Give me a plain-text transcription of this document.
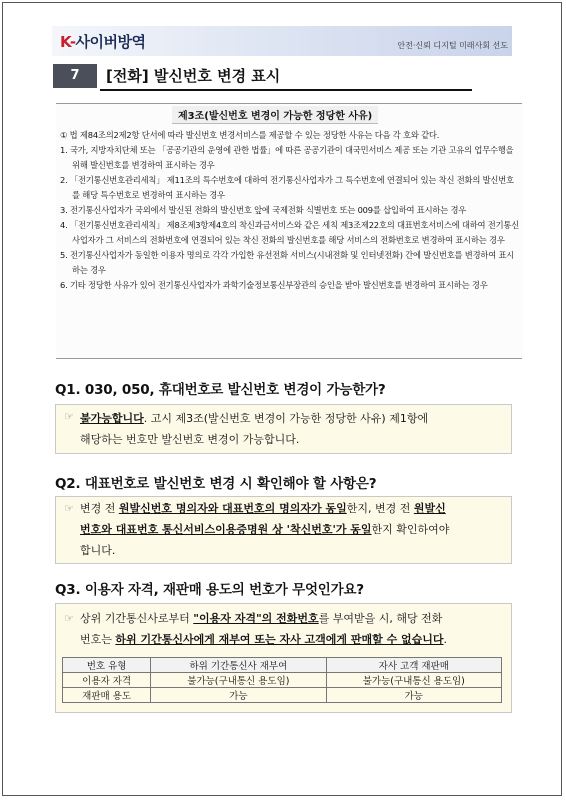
K-사이버방역	안전·신뢰 디지털 미래사회 선도
7	[전화] 발신번호 변경 표시
제3조(발신번호 변경이 가능한 정당한 사유)

① 법 제84조의2제2항 단서에 따라 발신번호 변경서비스를 제공할 수 있는 정당한 사유는 다음 각 호와 같다.

1. 국가, 지방자치단체 또는 「공공기관의 운영에 관한 법률」에 따른 공공기관이 대국민서비스 제공 또는 기관 고유의 업무수행을 위해 발신번호를 변경하여 표시하는 경우

2. 「전기통신번호관리세칙」 제11조의 특수번호에 대하여 전기통신사업자가 그 특수번호에 연결되어 있는 착신 전화의 발신번호를 해당 특수번호로 변경하여 표시하는 경우

3. 전기통신사업자가 국외에서 발신된 전화의 발신번호 앞에 국제전화 식별번호 또는 009를 삽입하여 표시하는 경우

4. 「전기통신번호관리세칙」 제8조제3항제4호의 착신과금서비스와 같은 세칙 제3조제22호의 대표번호서비스에 대하여 전기통신사업자가 그 서비스의 전화번호에 연결되어 있는 착신 전화의 발신번호를 해당 서비스의 전화번호로 변경하여 표시하는 경우

5. 전기통신사업자가 동일한 이용자 명의로 각각 가입한 유선전화 서비스(시내전화 및 인터넷전화) 간에 발신번호를 변경하여 표시하는 경우

6. 기타 정당한 사유가 있어 전기통신사업자가 과학기술정보통신부장관의 승인을 받아 발신번호를 변경하여 표시하는 경우

Q1. 030, 050, 휴대번호로 발신번호 변경이 가능한가?
☞ 불가능합니다. 고시 제3조(발신번호 변경이 가능한 정당한 사유) 제1항에
해당하는 번호만 발신번호 변경이 가능합니다.
Q2. 대표번호로 발신번호 변경 시 확인해야 할 사항은?
☞ 변경 전 원발신번호 명의자와 대표번호의 명의자가 동일한지, 변경 전 원발신
번호와 대표번호 통신서비스이용증명원 상 '착신번호'가 동일한지 확인하여야
합니다.
Q3. 이용자 자격, 재판매 용도의 번호가 무엇인가요?
☞ 상위 기간통신사로부터 "이용자 자격"의 전화번호를 부여받을 시, 해당 전화
번호는 하위 기간통신사에게 재부여 또는 자사 고객에게 판매할 수 없습니다.
번호 유형	하위 기간통신사 재부여	자사 고객 재판매
이용자 자격	불가능(구내통신 용도임)	불가능(구내통신 용도임)
재판매 용도	가능	가능
